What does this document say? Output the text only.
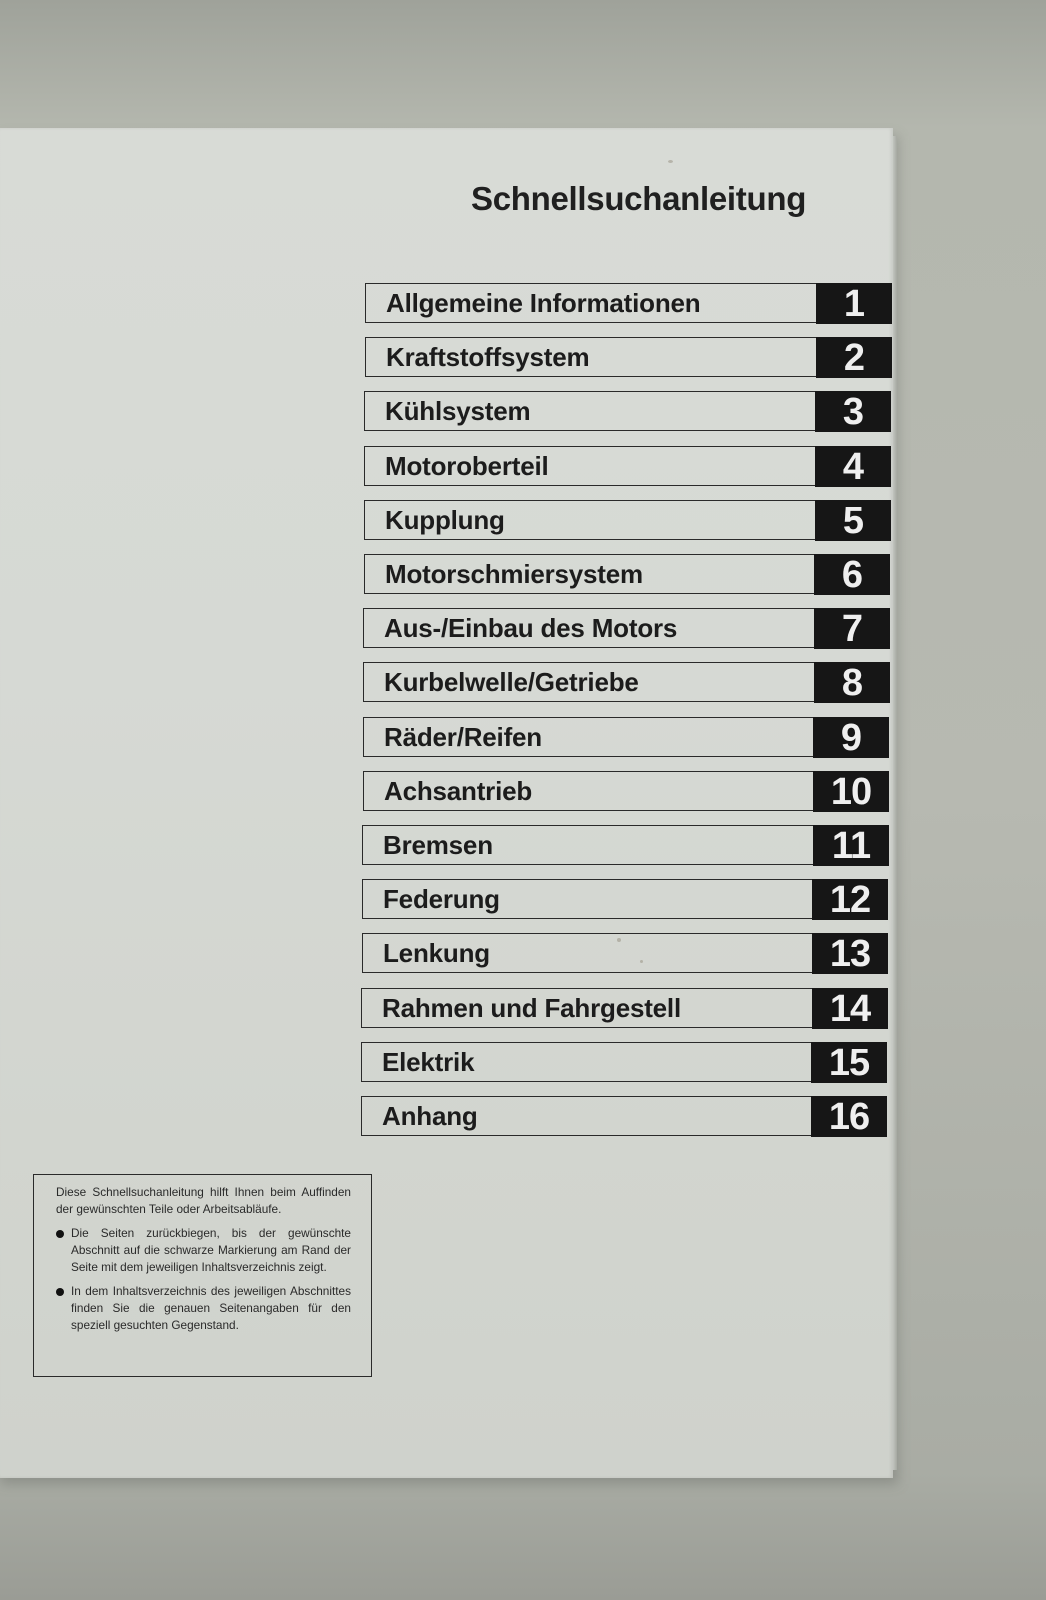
Schnellsuchanleitung
Allgemeine Informationen	1
Kraftstoffsystem	2
Kühlsystem	3
Motoroberteil	4
Kupplung	5
Motorschmiersystem	6
Aus-/Einbau des Motors	7
Kurbelwelle/Getriebe	8
Räder/Reifen	9
Achsantrieb	10
Bremsen	11
Federung	12
Lenkung	13
Rahmen und Fahrgestell	14
Elektrik	15
Anhang	16

Diese Schnellsuchanleitung hilft Ihnen beim Auffinden der gewünschten Teile oder Arbeitsabläufe.

Die Seiten zurückbiegen, bis der gewünschte Abschnitt auf die schwarze Markierung am Rand der Seite mit dem jeweiligen Inhaltsverzeichnis zeigt.
In dem Inhaltsverzeichnis des jeweiligen Abschnittes finden Sie die genauen Seitenangaben für den speziell gesuchten Gegenstand.
